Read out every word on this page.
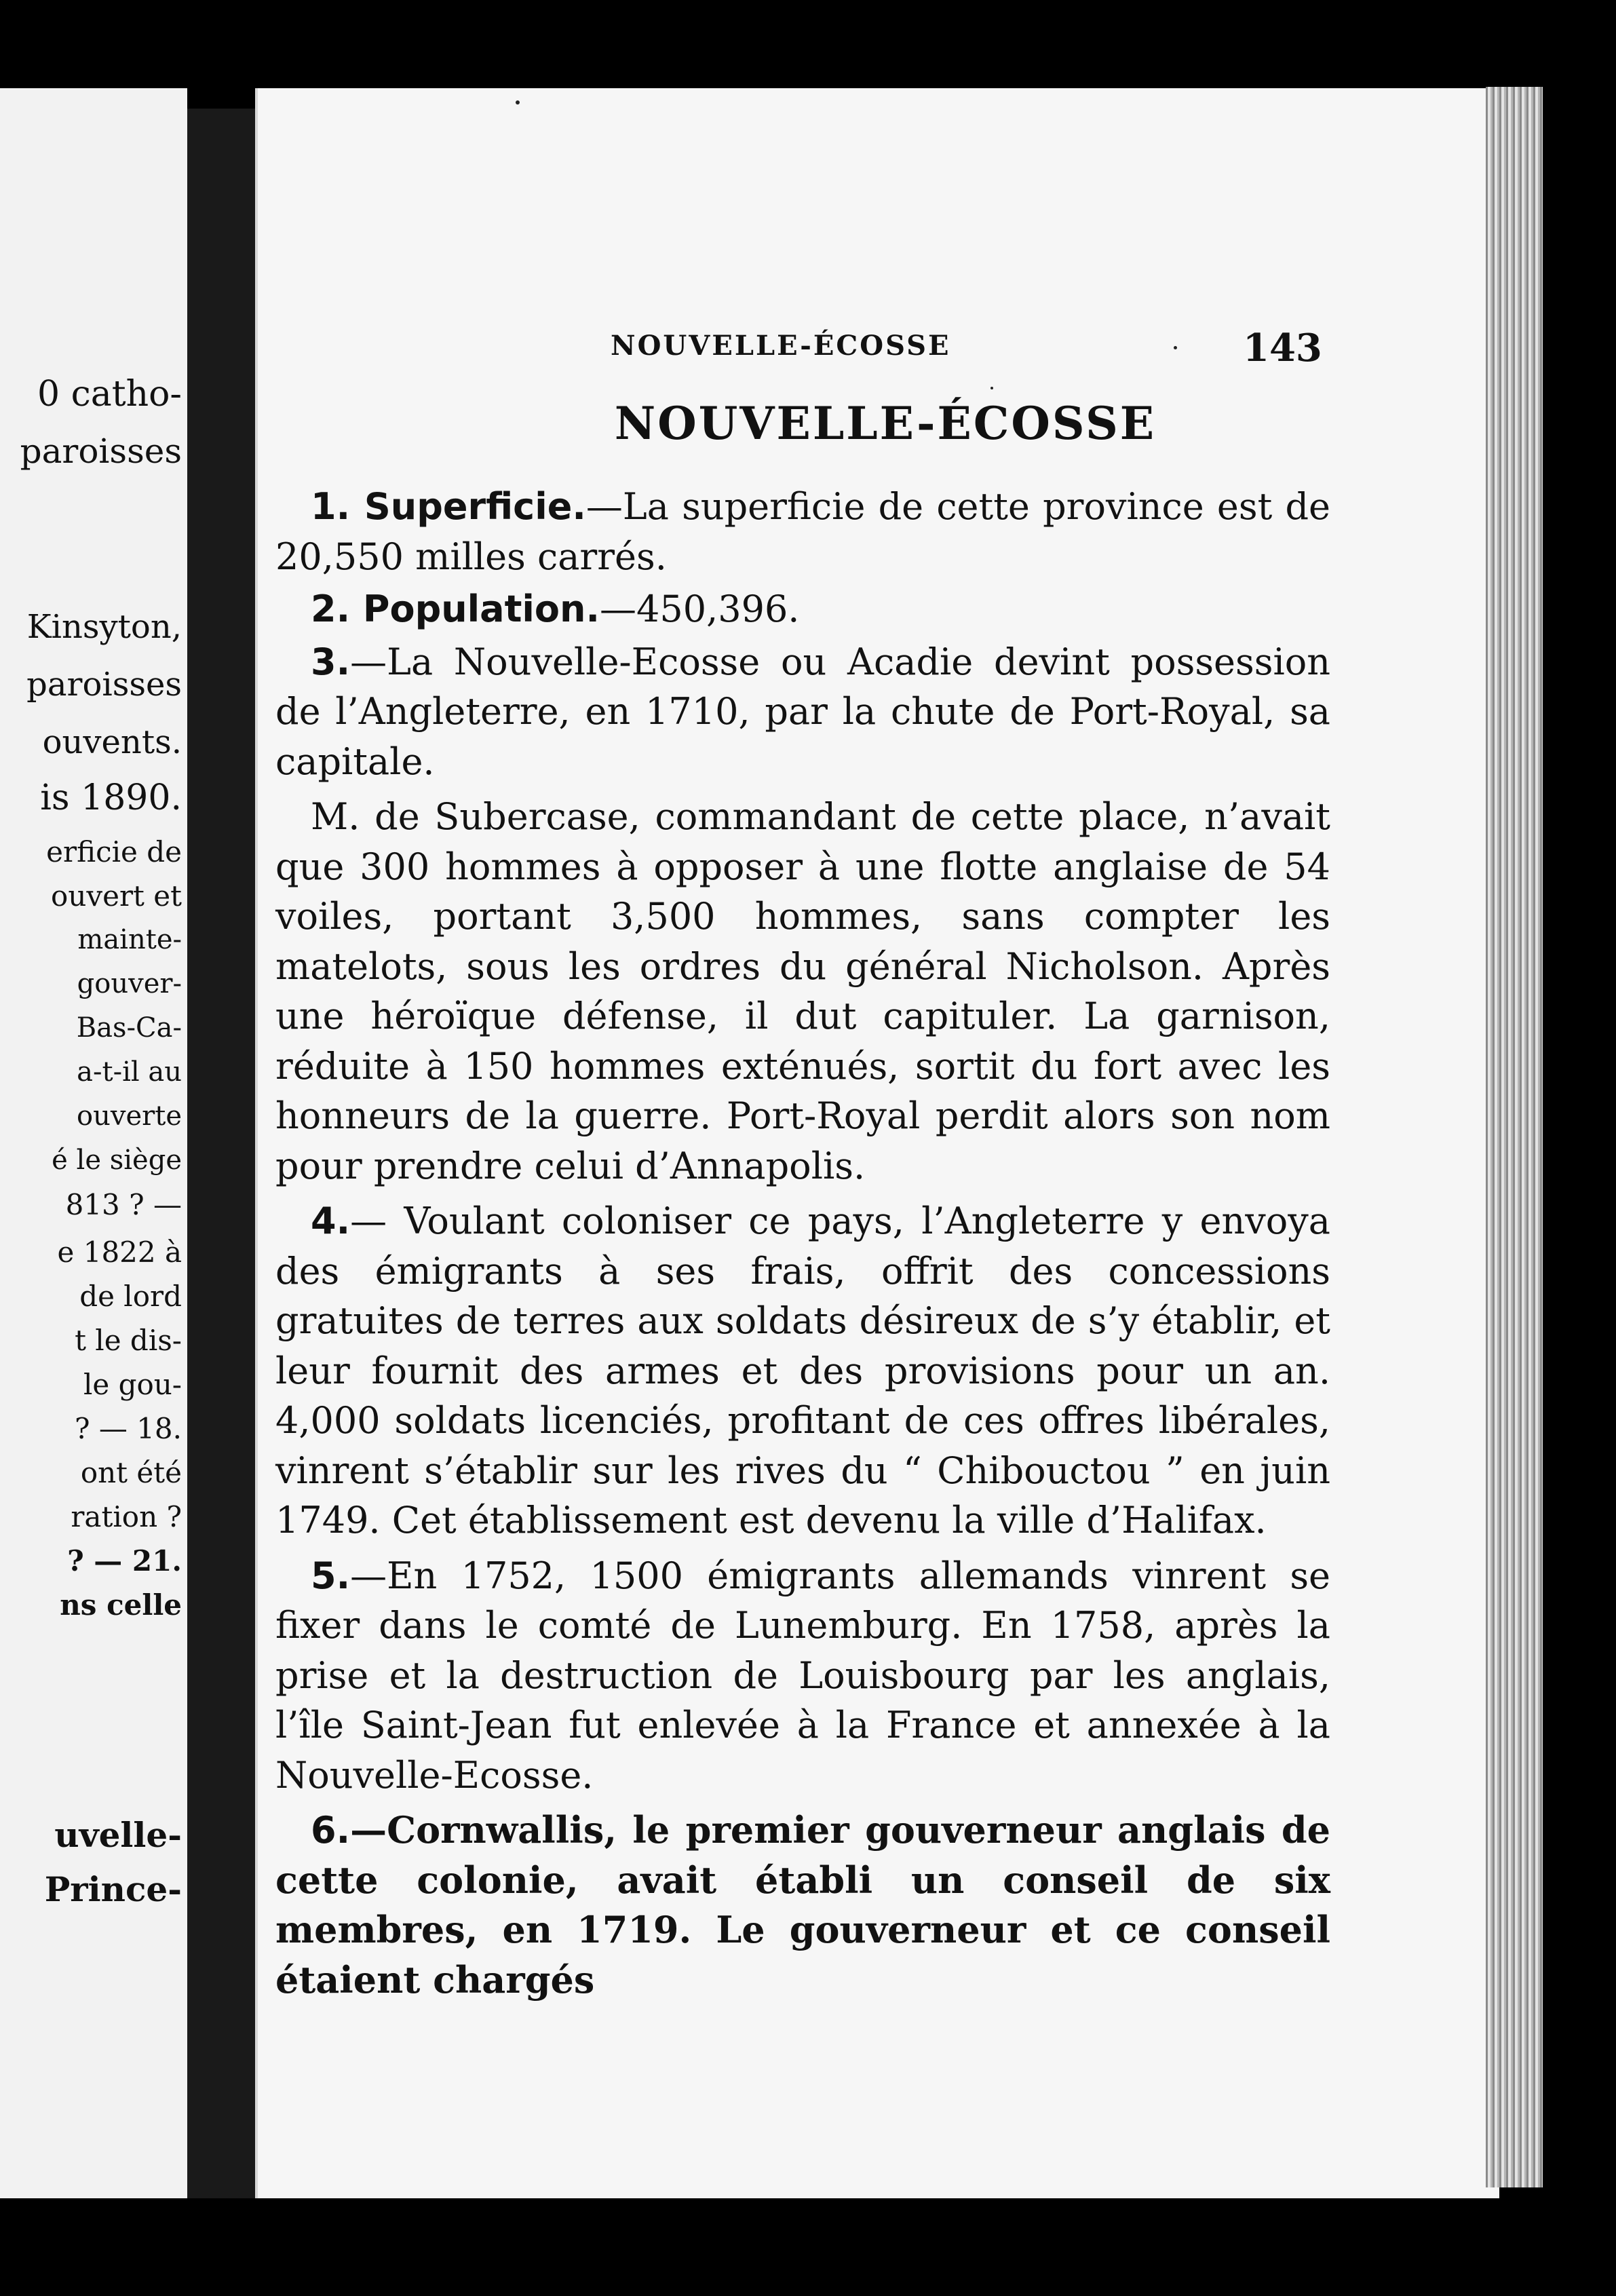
0 catho-
paroisses
Kinsyton,
paroisses
ouvents.
is 1890.
erficie de
ouvert et
mainte-
gouver-
Bas-Ca-
a-t-il au
ouverte
é le siège
813 ? —
e 1822 à
de lord
t le dis-
le gou-
? — 18.
ont été
ration ?
? — 21.
ns celle
uvelle-
Prince-
NOUVELLE-ÉCOSSE	143
NOUVELLE-ÉCOSSE

1. Superficie.—La superficie de cette province est de 20,550 milles carrés.

2. Population.—450,396.

3.—La Nouvelle-Ecosse ou Acadie devint possession de l’Angleterre, en 1710, par la chute de Port-Royal, sa capitale.

M. de Subercase, commandant de cette place, n’avait que 300 hommes à opposer à une flotte anglaise de 54 voiles, portant 3,500 hommes, sans compter les matelots, sous les ordres du général Nicholson. Après une héroïque défense, il dut capituler. La garnison, réduite à 150 hommes exténués, sortit du fort avec les honneurs de la guerre. Port-Royal perdit alors son nom pour prendre celui d’Annapolis.

4.— Voulant coloniser ce pays, l’Angleterre y envoya des émigrants à ses frais, offrit des concessions gratuites de terres aux soldats désireux de s’y établir, et leur fournit des armes et des provisions pour un an. 4,000 soldats licenciés, profitant de ces offres libérales, vinrent s’établir sur les rives du “ Chibouctou ” en juin 1749. Cet établissement est devenu la ville d’Halifax.

5.—En 1752, 1500 émigrants allemands vinrent se fixer dans le comté de Lunemburg. En 1758, après la prise et la destruction de Louisbourg par les anglais, l’île Saint-Jean fut enlevée à la France et annexée à la Nouvelle-Ecosse.

6.—Cornwallis, le premier gouverneur anglais de cette colonie, avait établi un conseil de six membres, en 1719. Le gouverneur et ce conseil étaient chargés
